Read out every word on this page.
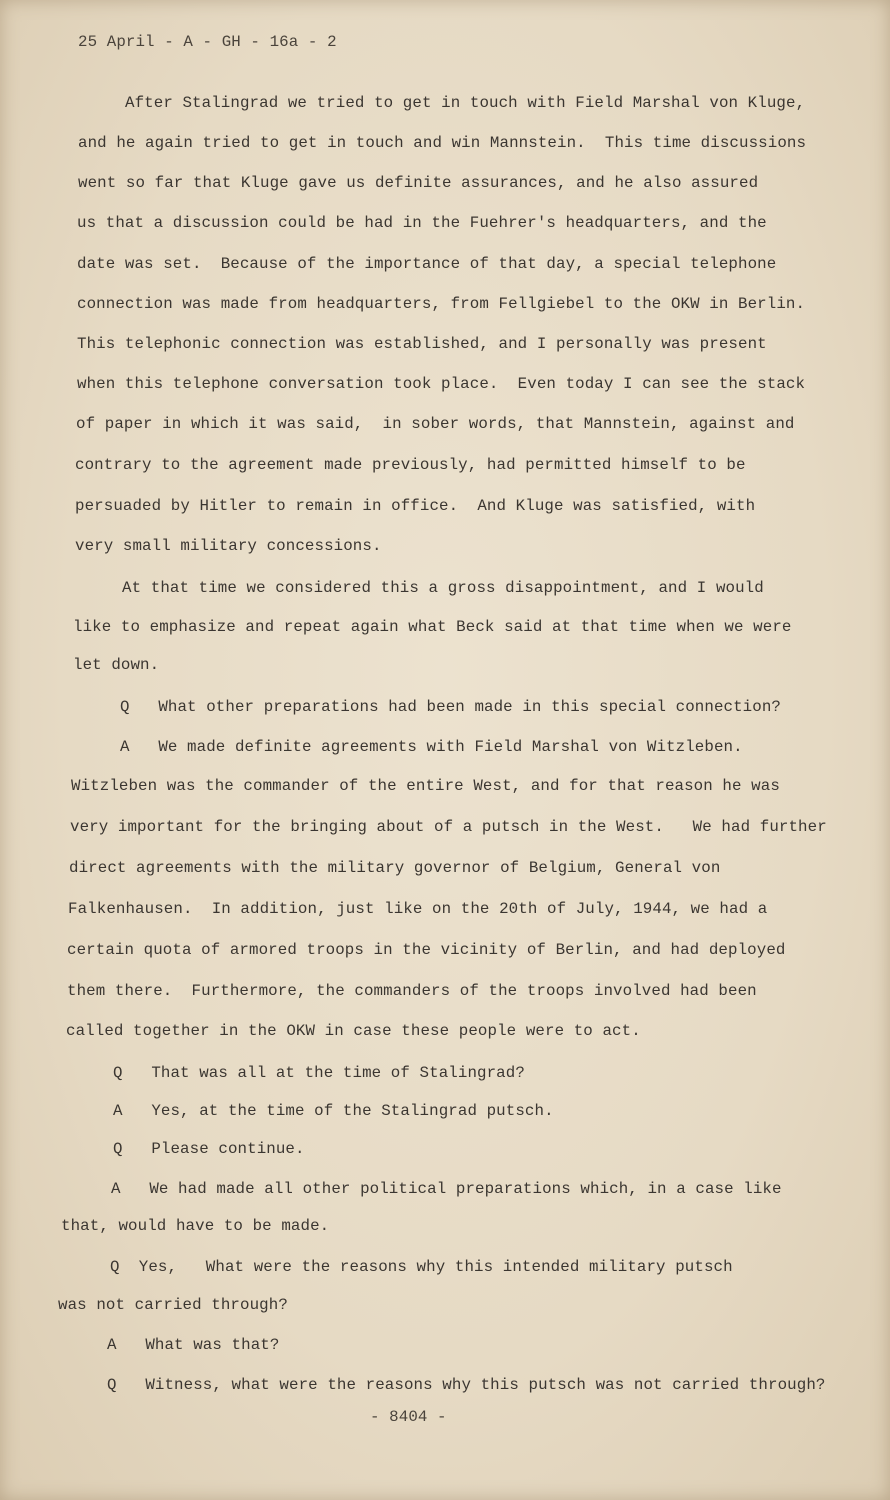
25 April - A - GH - 16a - 2
After Stalingrad we tried to get in touch with Field Marshal von Kluge,
and he again tried to get in touch and win Mannstein.  This time discussions
went so far that Kluge gave us definite assurances, and he also assured
us that a discussion could be had in the Fuehrer's headquarters, and the
date was set.  Because of the importance of that day, a special telephone
connection was made from headquarters, from Fellgiebel to the OKW in Berlin.
This telephonic connection was established, and I personally was present
when this telephone conversation took place.  Even today I can see the stack
of paper in which it was said,  in sober words, that Mannstein, against and
contrary to the agreement made previously, had permitted himself to be
persuaded by Hitler to remain in office.  And Kluge was satisfied, with
very small military concessions.
At that time we considered this a gross disappointment, and I would
like to emphasize and repeat again what Beck said at that time when we were
let down.
Q   What other preparations had been made in this special connection?
A   We made definite agreements with Field Marshal von Witzleben.
Witzleben was the commander of the entire West, and for that reason he was
very important for the bringing about of a putsch in the West.   We had further
direct agreements with the military governor of Belgium, General von
Falkenhausen.  In addition, just like on the 20th of July, 1944, we had a
certain quota of armored troops in the vicinity of Berlin, and had deployed
them there.  Furthermore, the commanders of the troops involved had been
called together in the OKW in case these people were to act.
Q   That was all at the time of Stalingrad?
A   Yes, at the time of the Stalingrad putsch.
Q   Please continue.
A   We had made all other political preparations which, in a case like
that, would have to be made.
Q  Yes,   What were the reasons why this intended military putsch
was not carried through?
A   What was that?
Q   Witness, what were the reasons why this putsch was not carried through?
- 8404 -
